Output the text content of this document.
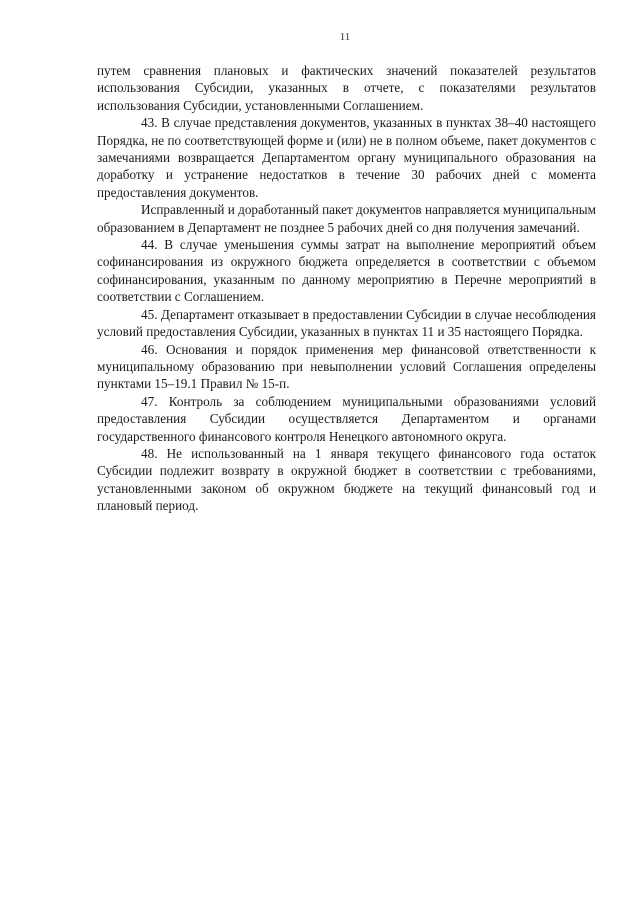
11

путем сравнения плановых и фактических значений показателей результатов использования Субсидии, указанных в отчете, с показателями результатов использования Субсидии, установленными Соглашением.

43. В случае представления документов, указанных в пунктах 38–40 настоящего Порядка, не по соответствующей форме и (или) не в полном объеме, пакет документов с замечаниями возвращается Департаментом органу муниципального образования на доработку и устранение недостатков в течение 30 рабочих дней с момента предоставления документов.

Исправленный и доработанный пакет документов направляется муниципальным образованием в Департамент не позднее 5 рабочих дней со дня получения замечаний.

44. В случае уменьшения суммы затрат на выполнение мероприятий объем софинансирования из окружного бюджета определяется в соответствии с объемом софинансирования, указанным по данному мероприятию в Перечне мероприятий в соответствии с Соглашением.

45. Департамент отказывает в предоставлении Субсидии в случае несоблюдения условий предоставления Субсидии, указанных в пунктах 11 и 35 настоящего Порядка.

46. Основания и порядок применения мер финансовой ответственности к муниципальному образованию при невыполнении условий Соглашения определены пунктами 15–19.1 Правил № 15-п.

47. Контроль за соблюдением муниципальными образованиями условий предоставления Субсидии осуществляется Департаментом и органами государственного финансового контроля Ненецкого автономного округа.

48. Не использованный на 1 января текущего финансового года остаток Субсидии подлежит возврату в окружной бюджет в соответствии с требованиями, установленными законом об окружном бюджете на текущий финансовый год и плановый период.
